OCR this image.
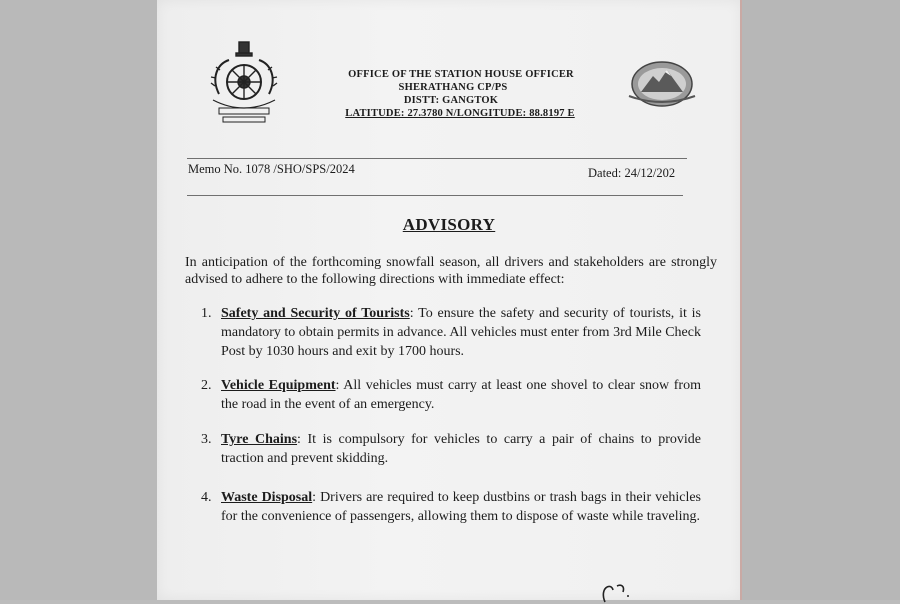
OFFICE OF THE STATION HOUSE OFFICER
SHERATHANG CP/PS
DISTT: GANGTOK
LATITUDE: 27.3780 N/LONGITUDE: 88.8197 E
Memo No. 1078 /SHO/SPS/2024	Dated: 24/12/202
ADVISORY
In anticipation of the forthcoming snowfall season, all drivers and stakeholders are strongly advised to adhere to the following directions with immediate effect:
1. Safety and Security of Tourists: To ensure the safety and security of tourists, it is mandatory to obtain permits in advance. All vehicles must enter from 3rd Mile Check Post by 1030 hours and exit by 1700 hours.
2. Vehicle Equipment: All vehicles must carry at least one shovel to clear snow from the road in the event of an emergency.
3. Tyre Chains: It is compulsory for vehicles to carry a pair of chains to provide traction and prevent skidding.
4. Waste Disposal: Drivers are required to keep dustbins or trash bags in their vehicles for the convenience of passengers, allowing them to dispose of waste while traveling.
